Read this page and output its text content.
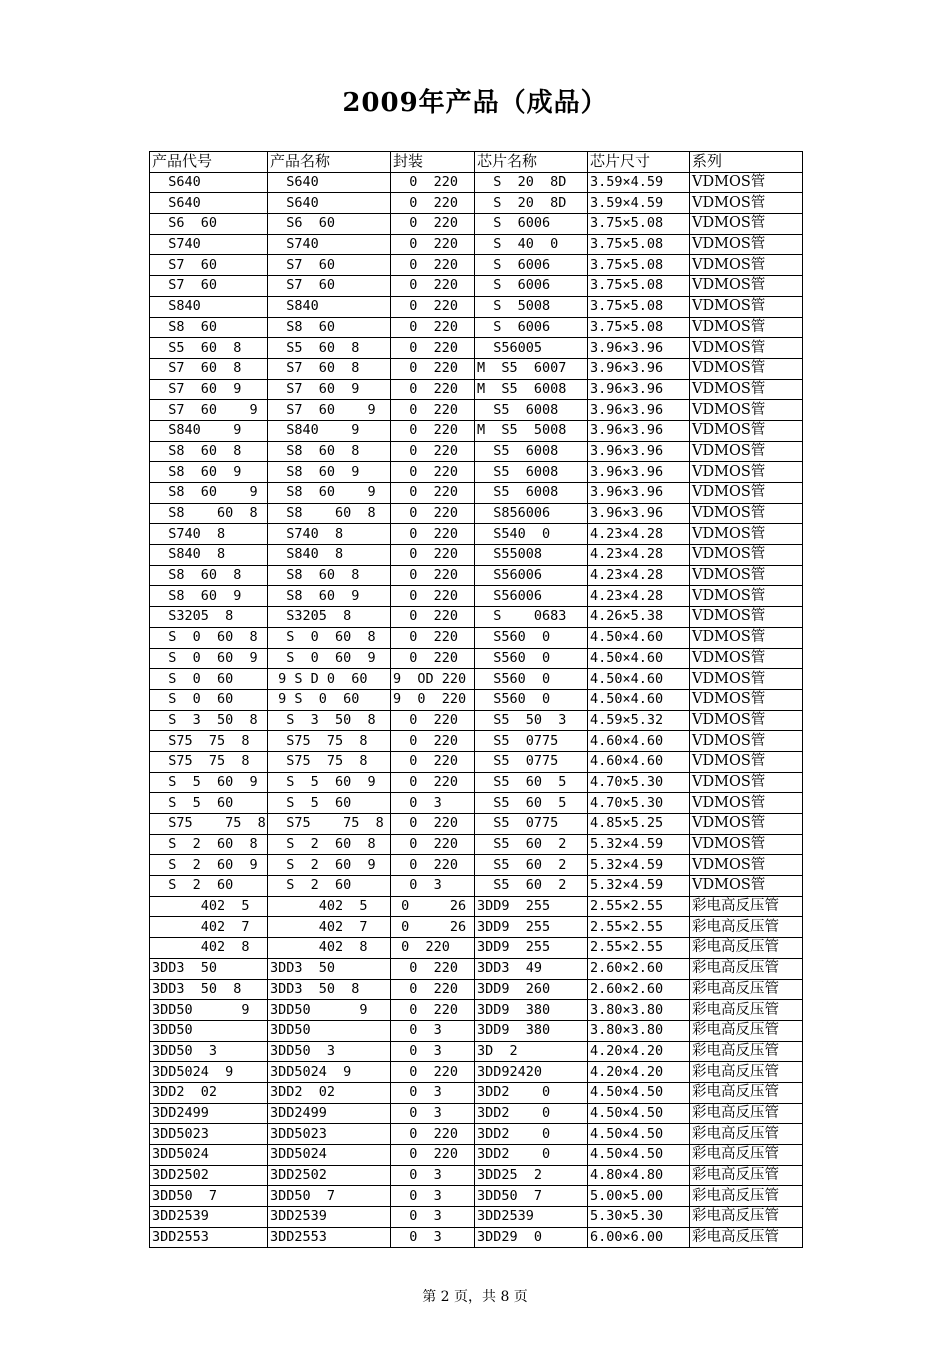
2009年产品（成品）
产品代号	产品名称	封装	芯片名称	芯片尺寸	系列
S640	S640	0  220	S  20  8D	3.59×4.59	VDMOS管
S640	S640	0  220	S  20  8D	3.59×4.59	VDMOS管
S6  60	S6  60	0  220	S  6006	3.75×5.08	VDMOS管
S740	S740	0  220	S  40  0	3.75×5.08	VDMOS管
S7  60	S7  60	0  220	S  6006	3.75×5.08	VDMOS管
S7  60	S7  60	0  220	S  6006	3.75×5.08	VDMOS管
S840	S840	0  220	S  5008	3.75×5.08	VDMOS管
S8  60	S8  60	0  220	S  6006	3.75×5.08	VDMOS管
S5  60  8	S5  60  8	0  220	S56005	3.96×3.96	VDMOS管
S7  60  8	S7  60  8	0  220	M  S5  6007	3.96×3.96	VDMOS管
S7  60  9	S7  60  9	0  220	M  S5  6008	3.96×3.96	VDMOS管
S7  60    9	S7  60    9	0  220	S5  6008	3.96×3.96	VDMOS管
S840    9	S840    9	0  220	M  S5  5008	3.96×3.96	VDMOS管
S8  60  8	S8  60  8	0  220	S5  6008	3.96×3.96	VDMOS管
S8  60  9	S8  60  9	0  220	S5  6008	3.96×3.96	VDMOS管
S8  60    9	S8  60    9	0  220	S5  6008	3.96×3.96	VDMOS管
S8    60  8	S8    60  8	0  220	S856006	3.96×3.96	VDMOS管
S740  8	S740  8	0  220	S540  0	4.23×4.28	VDMOS管
S840  8	S840  8	0  220	S55008	4.23×4.28	VDMOS管
S8  60  8	S8  60  8	0  220	S56006	4.23×4.28	VDMOS管
S8  60  9	S8  60  9	0  220	S56006	4.23×4.28	VDMOS管
S3205  8	S3205  8	0  220	S    0683	4.26×5.38	VDMOS管
S  0  60  8	S  0  60  8	0  220	S560  0	4.50×4.60	VDMOS管
S  0  60  9	S  0  60  9	0  220	S560  0	4.50×4.60	VDMOS管
S  0  60	9 S D 0  60	9  OD 220	S560  0	4.50×4.60	VDMOS管
S  0  60	9 S  0  60	9  0  220	S560  0	4.50×4.60	VDMOS管
S  3  50  8	S  3  50  8	0  220	S5  50  3	4.59×5.32	VDMOS管
S75  75  8	S75  75  8	0  220	S5  0775	4.60×4.60	VDMOS管
S75  75  8	S75  75  8	0  220	S5  0775	4.60×4.60	VDMOS管
S  5  60  9	S  5  60  9	0  220	S5  60  5	4.70×5.30	VDMOS管
S  5  60	S  5  60	0  3	S5  60  5	4.70×5.30	VDMOS管
S75    75  8	S75    75  8	0  220	S5  0775	4.85×5.25	VDMOS管
S  2  60  8	S  2  60  8	0  220	S5  60  2	5.32×4.59	VDMOS管
S  2  60  9	S  2  60  9	0  220	S5  60  2	5.32×4.59	VDMOS管
S  2  60	S  2  60	0  3	S5  60  2	5.32×4.59	VDMOS管
402  5	402  5	0     26	3DD9  255	2.55×2.55	彩电高反压管
402  7	402  7	0     26	3DD9  255	2.55×2.55	彩电高反压管
402  8	402  8	0  220	3DD9  255	2.55×2.55	彩电高反压管
3DD3  50	3DD3  50	0  220	3DD3  49	2.60×2.60	彩电高反压管
3DD3  50  8	3DD3  50  8	0  220	3DD9  260	2.60×2.60	彩电高反压管
3DD50      9	3DD50      9	0  220	3DD9  380	3.80×3.80	彩电高反压管
3DD50	3DD50	0  3	3DD9  380	3.80×3.80	彩电高反压管
3DD50  3	3DD50  3	0  3	3D  2	4.20×4.20	彩电高反压管
3DD5024  9	3DD5024  9	0  220	3DD92420	4.20×4.20	彩电高反压管
3DD2  02	3DD2  02	0  3	3DD2    0	4.50×4.50	彩电高反压管
3DD2499	3DD2499	0  3	3DD2    0	4.50×4.50	彩电高反压管
3DD5023	3DD5023	0  220	3DD2    0	4.50×4.50	彩电高反压管
3DD5024	3DD5024	0  220	3DD2    0	4.50×4.50	彩电高反压管
3DD2502	3DD2502	0  3	3DD25  2	4.80×4.80	彩电高反压管
3DD50  7	3DD50  7	0  3	3DD50  7	5.00×5.00	彩电高反压管
3DD2539	3DD2539	0  3	3DD2539	5.30×5.30	彩电高反压管
3DD2553	3DD2553	0  3	3DD29  0	6.00×6.00	彩电高反压管
第 2 页，共 8 页
